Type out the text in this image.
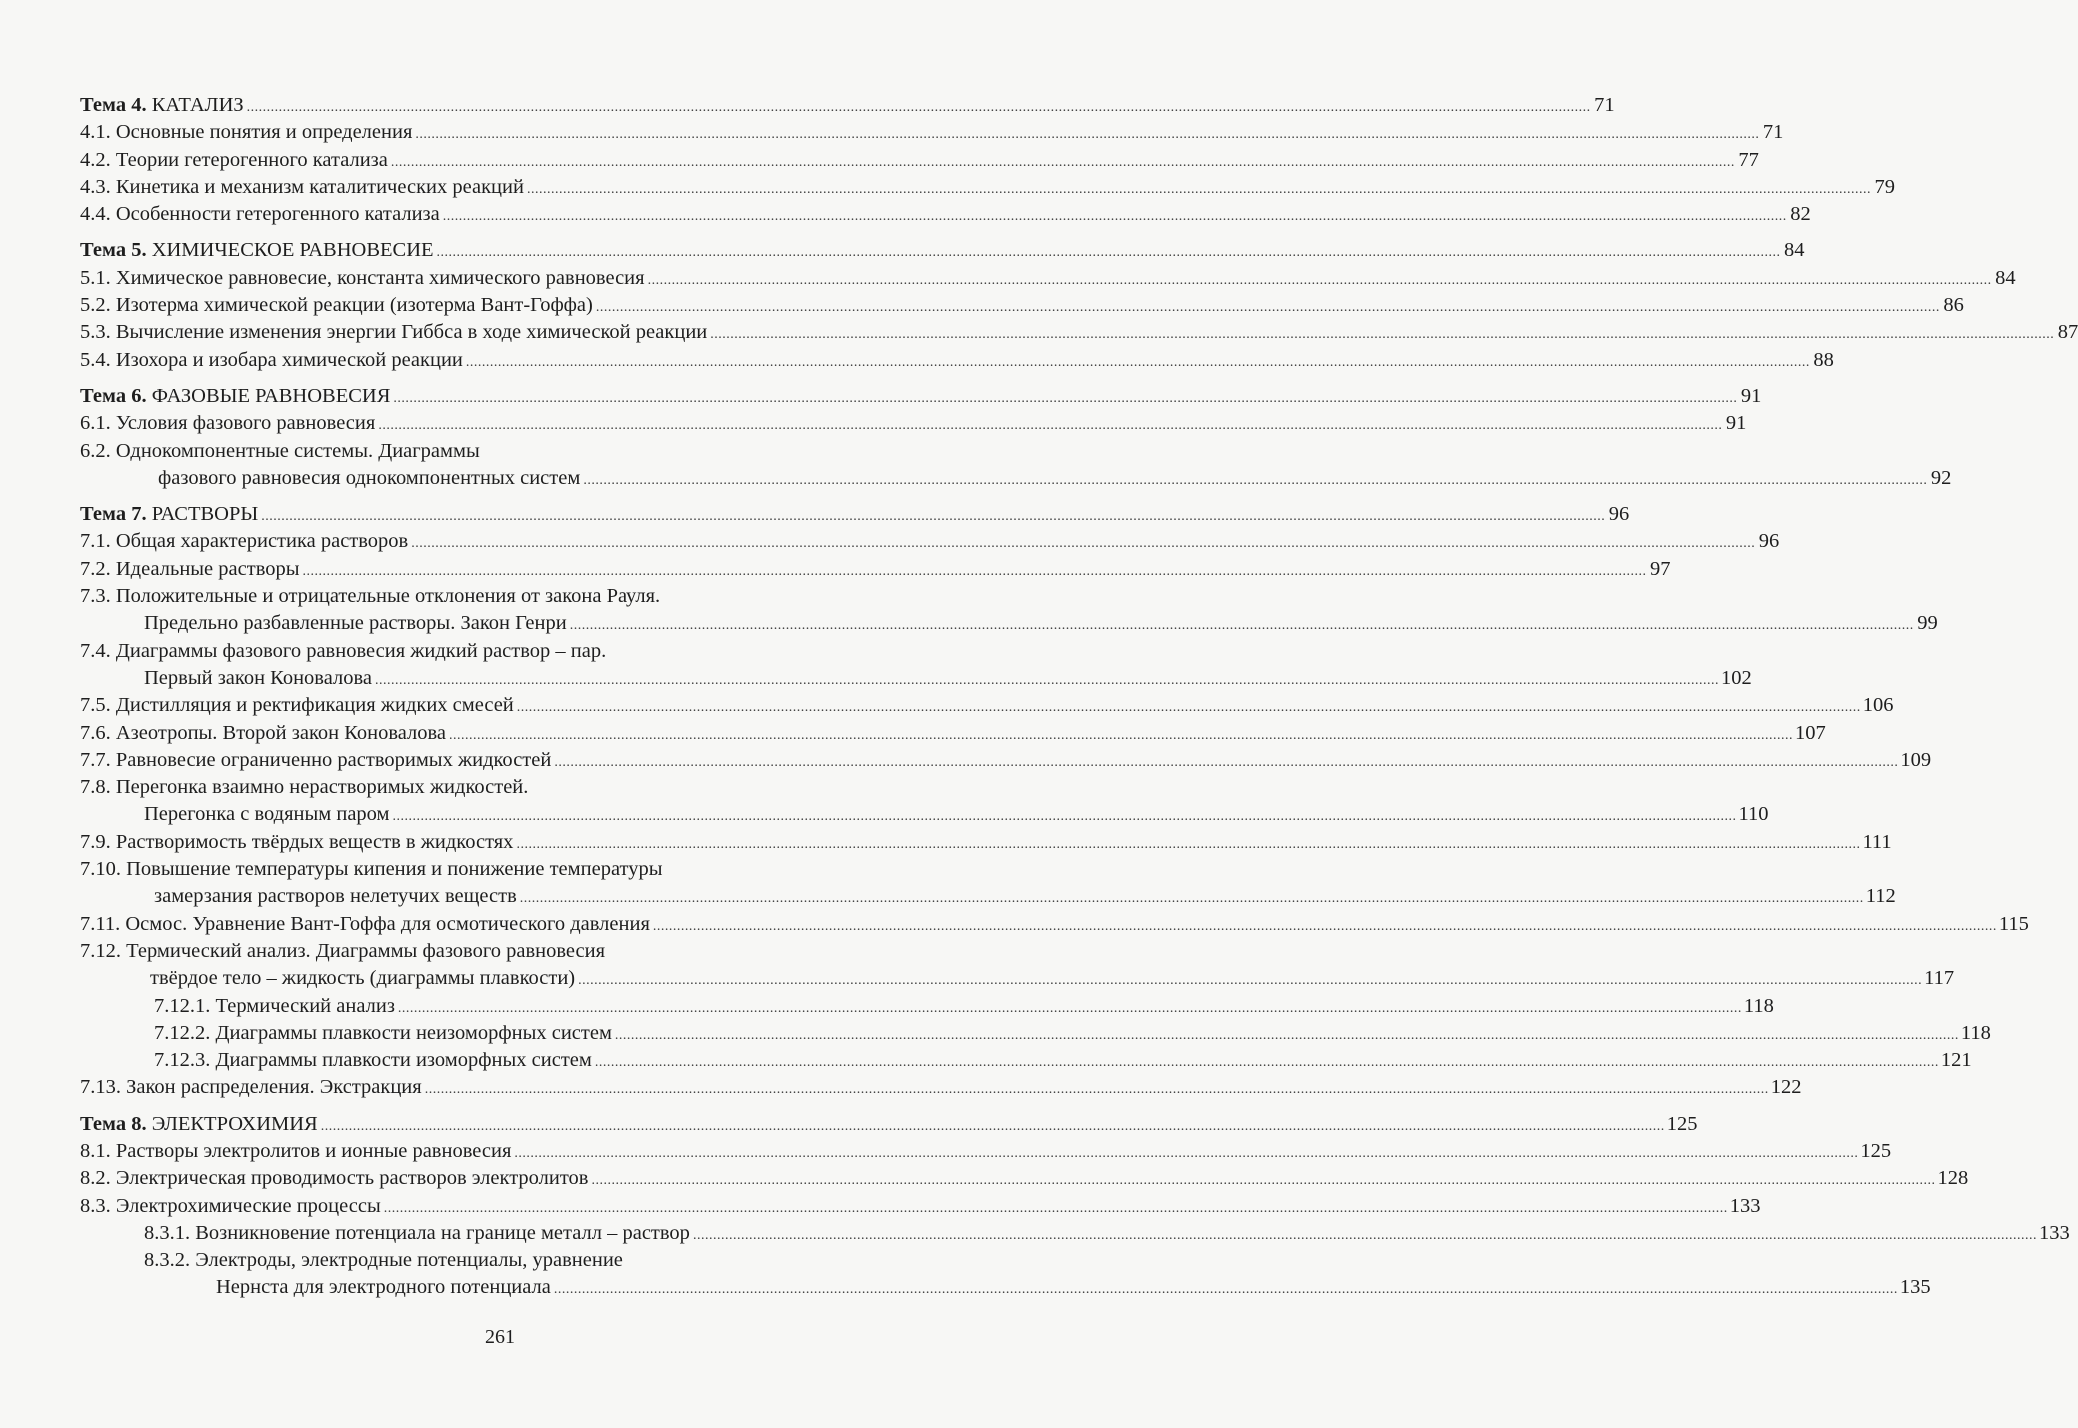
Тема 4. КАТАЛИЗ .....	71
4.1. Основные понятия и определения .....	71
4.2. Теории гетерогенного катализа .....	77
4.3. Кинетика и механизм каталитических реакций .....	79
4.4. Особенности гетерогенного катализа .....	82
Тема 5. ХИМИЧЕСКОЕ РАВНОВЕСИЕ .....	84
5.1. Химическое равновесие, константа химического равновесия .....	84
5.2. Изотерма химической реакции (изотерма Вант-Гоффа) .....	86
5.3. Вычисление изменения энергии Гиббса в ходе химической реакции .....	87
5.4. Изохора и изобара химической реакции .....	88
Тема 6. ФАЗОВЫЕ РАВНОВЕСИЯ .....	91
6.1. Условия фазового равновесия .....	91
6.2. Однокомпонентные системы. Диаграммы
фазового равновесия однокомпонентных систем .....	92
Тема 7. РАСТВОРЫ .....	96
7.1. Общая характеристика растворов .....	96
7.2. Идеальные растворы .....	97
7.3. Положительные и отрицательные отклонения от закона Рауля.
Предельно разбавленные растворы. Закон Генри .....	99
7.4. Диаграммы фазового равновесия жидкий раствор – пар.
Первый закон Коновалова .....	102
7.5. Дистилляция и ректификация жидких смесей .....	106
7.6. Азеотропы. Второй закон Коновалова .....	107
7.7. Равновесие ограниченно растворимых жидкостей .....	109
7.8. Перегонка взаимно нерастворимых жидкостей.
Перегонка с водяным паром .....	110
7.9. Растворимость твёрдых веществ в жидкостях .....	111
7.10. Повышение температуры кипения и понижение температуры
замерзания растворов нелетучих веществ .....	112
7.11. Осмос. Уравнение Вант-Гоффа для осмотического давления .....	115
7.12. Термический анализ. Диаграммы фазового равновесия
твёрдое тело – жидкость (диаграммы плавкости) .....	117
7.12.1. Термический анализ .....	118
7.12.2. Диаграммы плавкости неизоморфных систем .....	118
7.12.3. Диаграммы плавкости изоморфных систем .....	121
7.13. Закон распределения. Экстракция .....	122
Тема 8. ЭЛЕКТРОХИМИЯ .....	125
8.1. Растворы электролитов и ионные равновесия .....	125
8.2. Электрическая проводимость растворов электролитов .....	128
8.3. Электрохимические процессы .....	133
8.3.1. Возникновение потенциала на границе металл – раствор .....	133
8.3.2. Электроды, электродные потенциалы, уравнение
Нернста для электродного потенциала .....	135
261
